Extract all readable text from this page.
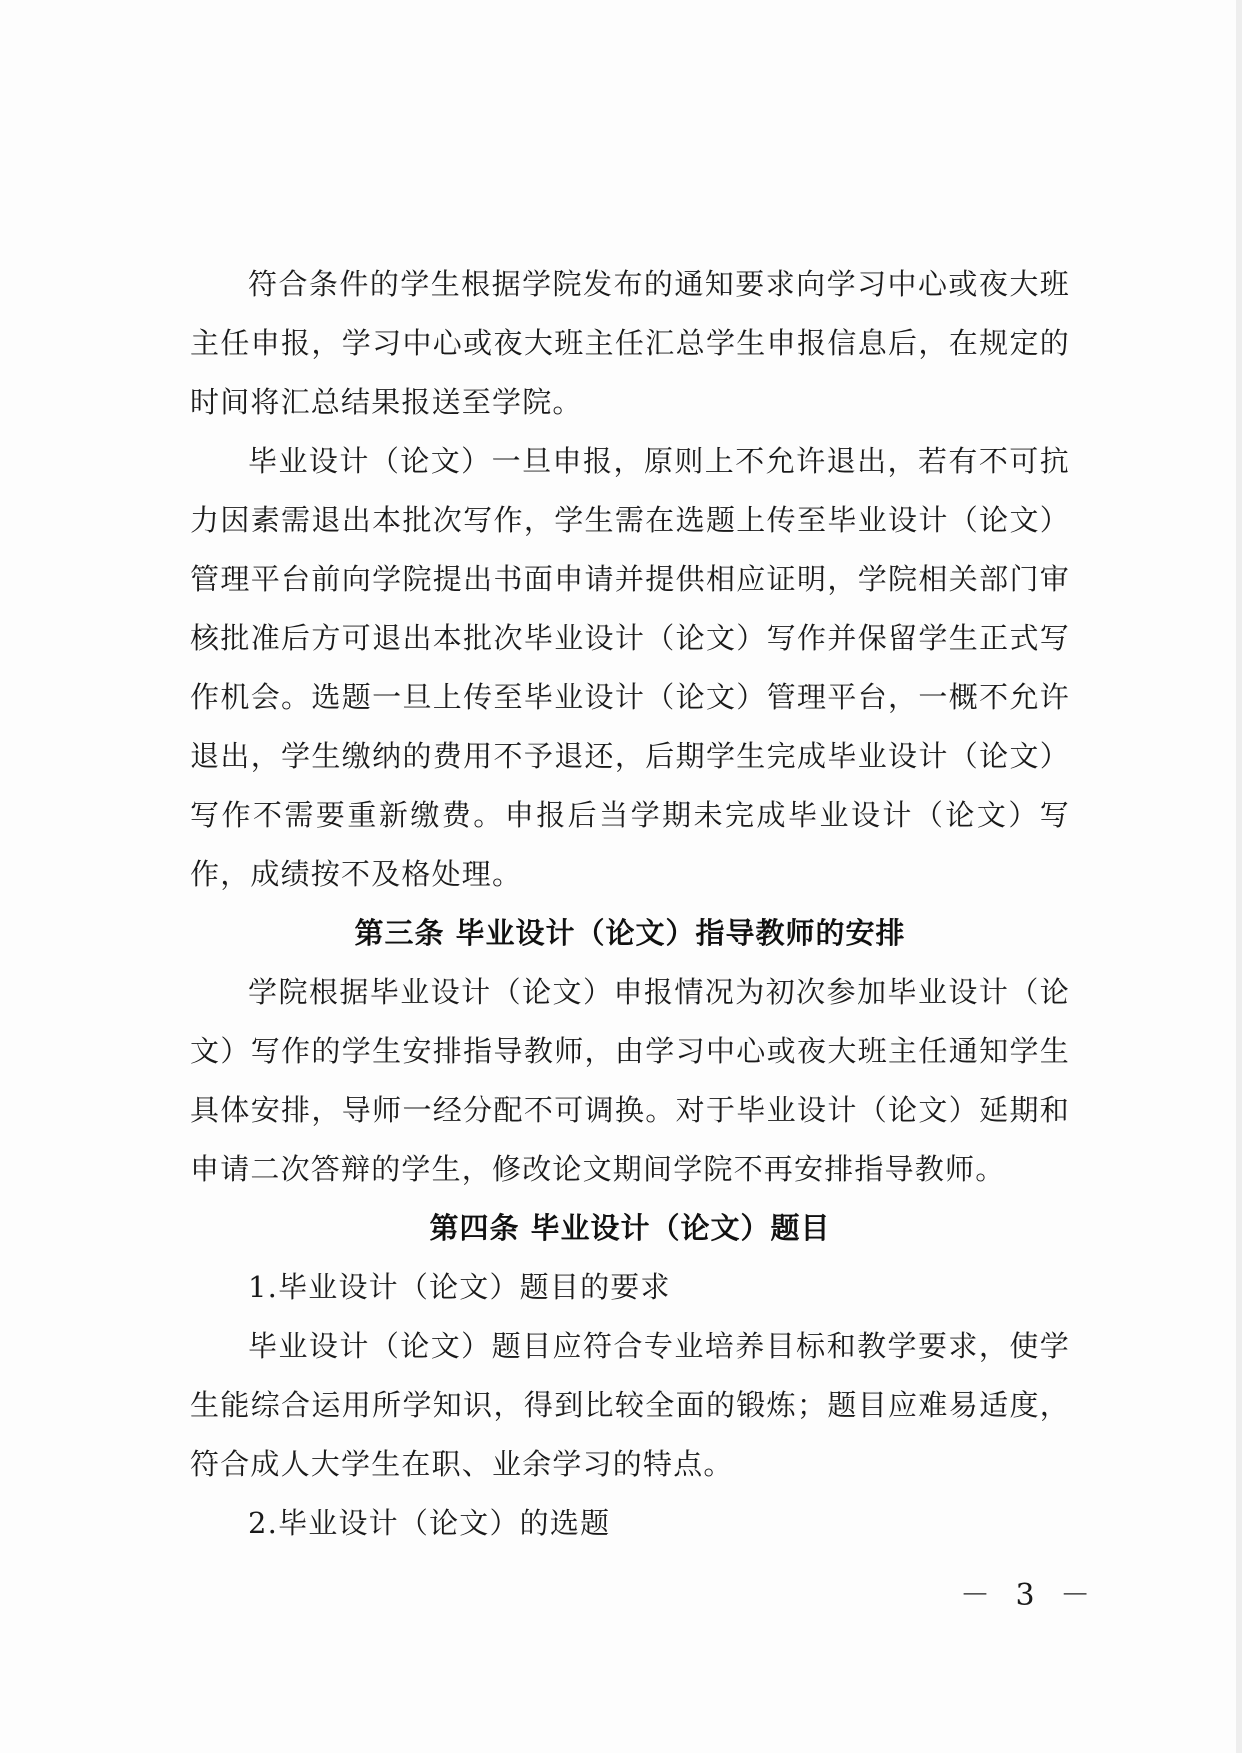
符合条件的学生根据学院发布的通知要求向学习中心或夜大班主任申报，学习中心或夜大班主任汇总学生申报信息后，在规定的时间将汇总结果报送至学院。

毕业设计（论文）一旦申报，原则上不允许退出，若有不可抗力因素需退出本批次写作，学生需在选题上传至毕业设计（论文）管理平台前向学院提出书面申请并提供相应证明，学院相关部门审核批准后方可退出本批次毕业设计（论文）写作并保留学生正式写作机会。选题一旦上传至毕业设计（论文）管理平台，一概不允许退出，学生缴纳的费用不予退还，后期学生完成毕业设计（论文）写作不需要重新缴费。申报后当学期未完成毕业设计（论文）写作，成绩按不及格处理。

第三条 毕业设计（论文）指导教师的安排

学院根据毕业设计（论文）申报情况为初次参加毕业设计（论文）写作的学生安排指导教师，由学习中心或夜大班主任通知学生具体安排，导师一经分配不可调换。对于毕业设计（论文）延期和申请二次答辩的学生，修改论文期间学院不再安排指导教师。

第四条 毕业设计（论文）题目

1.毕业设计（论文）题目的要求

毕业设计（论文）题目应符合专业培养目标和教学要求，使学生能综合运用所学知识，得到比较全面的锻炼；题目应难易适度，符合成人大学生在职、业余学习的特点。

2.毕业设计（论文）的选题

－ 3 －
